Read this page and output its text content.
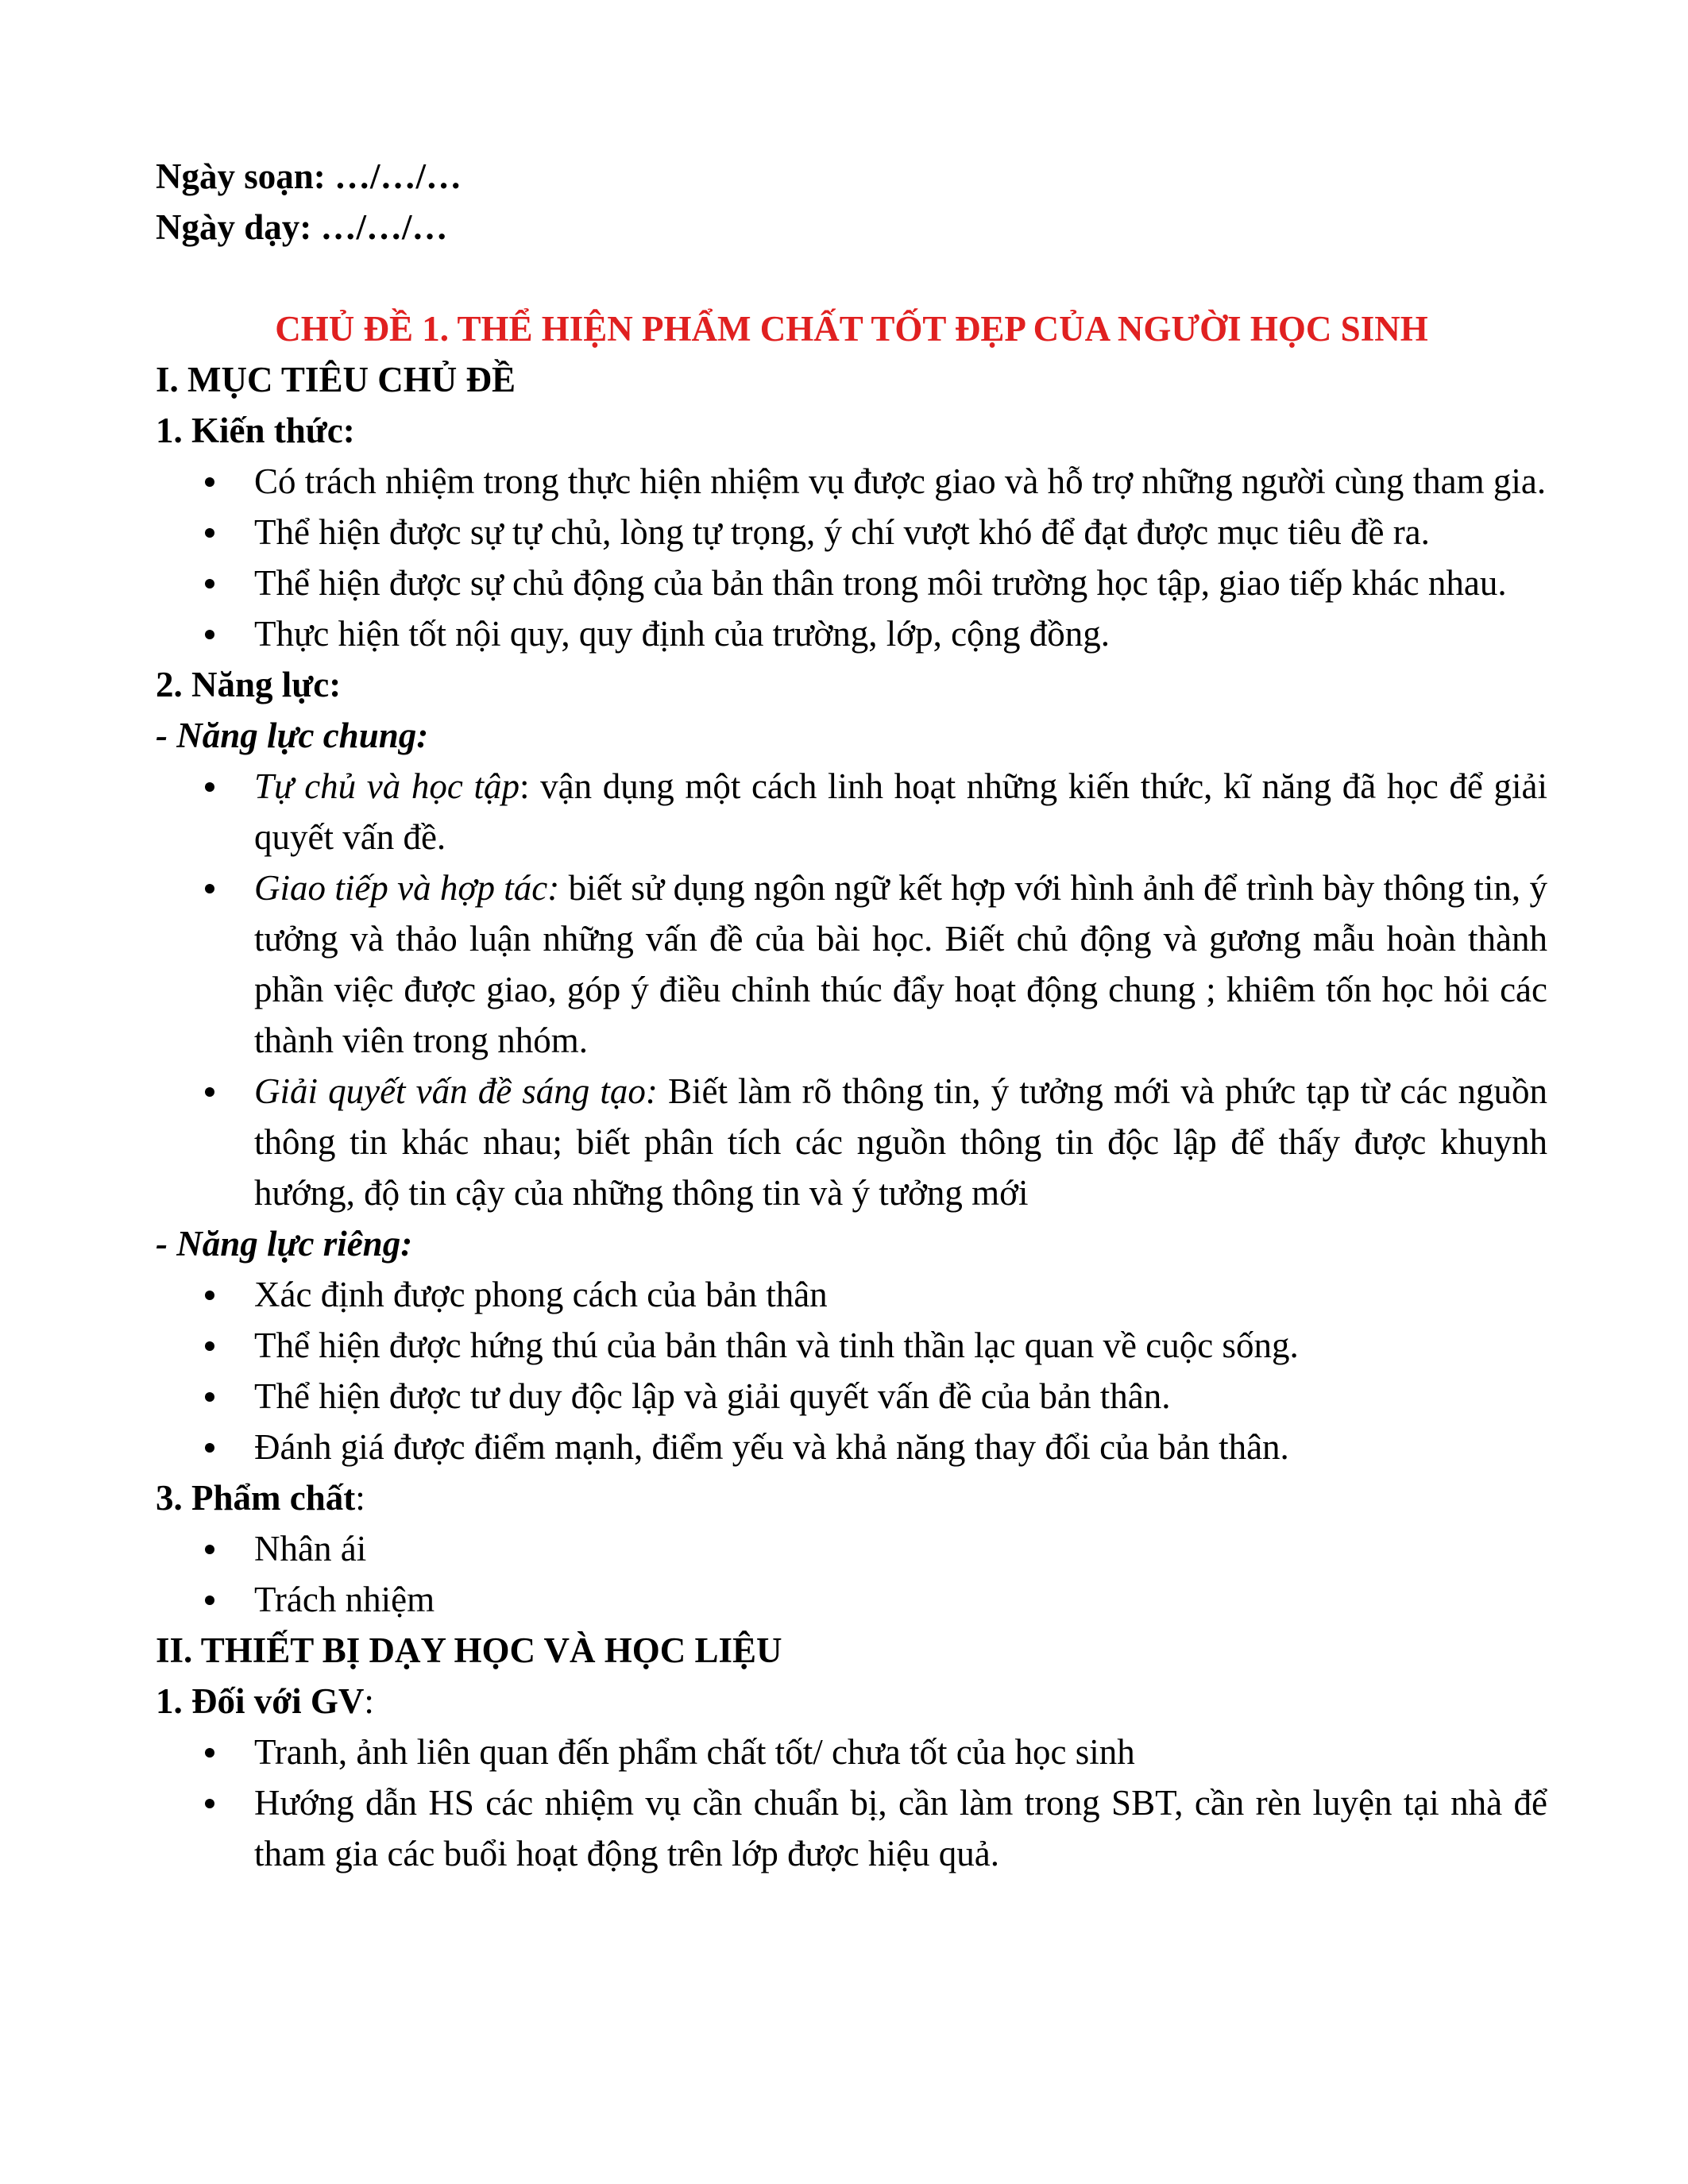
Ngày soạn: …/…/…

Ngày dạy: …/…/…

CHỦ ĐỀ 1. THỂ HIỆN PHẨM CHẤT TỐT ĐẸP CỦA NGƯỜI HỌC SINH

I. MỤC TIÊU CHỦ ĐỀ

1. Kiến thức:

Có trách nhiệm trong thực hiện nhiệm vụ được giao và hỗ trợ những người cùng tham gia.
Thể hiện được sự tự chủ, lòng tự trọng, ý chí vượt khó để đạt được mục tiêu đề ra.
Thể hiện được sự chủ động của bản thân trong môi trường học tập, giao tiếp khác nhau.
Thực hiện tốt nội quy, quy định của trường, lớp, cộng đồng.

2. Năng lực:

- Năng lực chung:

Tự chủ và học tập: vận dụng một cách linh hoạt những kiến thức, kĩ năng đã học để giải quyết vấn đề.
Giao tiếp và hợp tác: biết sử dụng ngôn ngữ kết hợp với hình ảnh để trình bày thông tin, ý tưởng và thảo luận những vấn đề của bài học. Biết chủ động và gương mẫu hoàn thành phần việc được giao, góp ý điều chỉnh thúc đẩy hoạt động chung ; khiêm tốn học hỏi các thành viên trong nhóm.
Giải quyết vấn đề sáng tạo: Biết làm rõ thông tin, ý tưởng mới và phức tạp từ các nguồn thông tin khác nhau; biết phân tích các nguồn thông tin độc lập để thấy được khuynh hướng, độ tin cậy của những thông tin và ý tưởng mới

- Năng lực riêng:

Xác định được phong cách của bản thân
Thể hiện được hứng thú của bản thân và tinh thần lạc quan về cuộc sống.
Thể hiện được tư duy độc lập và giải quyết vấn đề của bản thân.
Đánh giá được điểm mạnh, điểm yếu và khả năng thay đổi của bản thân.

3. Phẩm chất:

Nhân ái
Trách nhiệm

II. THIẾT BỊ DẠY HỌC VÀ HỌC LIỆU

1. Đối với GV:

Tranh, ảnh liên quan đến phẩm chất tốt/ chưa tốt của học sinh
Hướng dẫn HS các nhiệm vụ cần chuẩn bị, cần làm trong SBT, cần rèn luyện tại nhà để tham gia các buổi hoạt động trên lớp được hiệu quả.
